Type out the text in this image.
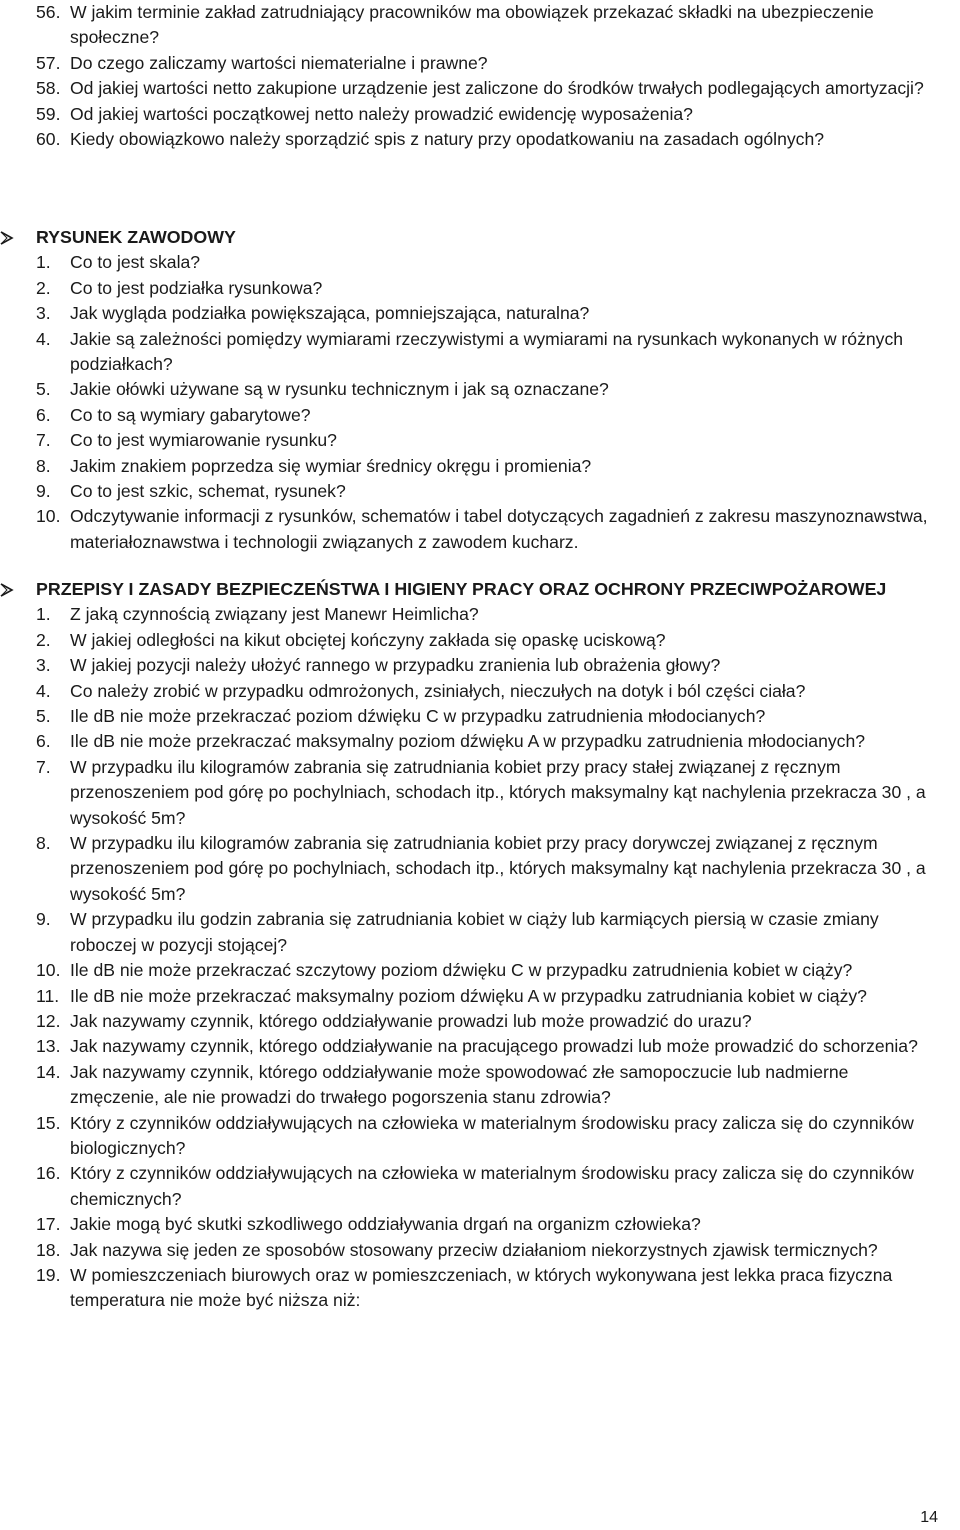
56. W jakim terminie zakład zatrudniający pracowników ma obowiązek przekazać składki na ubezpieczenie społeczne?
57. Do czego zaliczamy wartości niematerialne i prawne?
58. Od jakiej wartości netto zakupione urządzenie jest zaliczone do środków trwałych podlegających amortyzacji?
59. Od jakiej wartości początkowej netto należy prowadzić ewidencję wyposażenia?
60. Kiedy obowiązkowo należy sporządzić spis z natury przy opodatkowaniu na zasadach ogólnych?
RYSUNEK ZAWODOWY
1.	Co to jest skala?
2.	Co to jest podziałka rysunkowa?
3.	Jak wygląda podziałka powiększająca, pomniejszająca, naturalna?
4.	Jakie są zależności pomiędzy wymiarami rzeczywistymi a wymiarami na rysunkach wykonanych w różnych podziałkach?
5.	Jakie ołówki używane są w rysunku technicznym i jak są oznaczane?
6.	Co to są wymiary gabarytowe?
7.	Co to jest wymiarowanie rysunku?
8.	Jakim znakiem poprzedza się wymiar średnicy okręgu i promienia?
9.	Co to jest szkic, schemat, rysunek?
10. Odczytywanie informacji z rysunków, schematów i tabel dotyczących zagadnień z zakresu maszynoznawstwa, materiałoznawstwa i technologii związanych z zawodem kucharz.
PRZEPISY I ZASADY BEZPIECZEŃSTWA I HIGIENY PRACY ORAZ OCHRONY PRZECIWPOŻAROWEJ
1.	Z jaką czynnością związany jest Manewr Heimlicha?
2.	W jakiej odległości na kikut obciętej kończyny zakłada się opaskę uciskową?
3.	W jakiej pozycji należy ułożyć rannego w przypadku zranienia lub obrażenia głowy?
4.	Co należy zrobić w przypadku odmrożonych, zsiniałych, nieczułych na dotyk i ból części ciała?
5.	Ile dB nie może przekraczać poziom dźwięku C w przypadku zatrudnienia młodocianych?
6.	Ile dB nie może przekraczać maksymalny poziom dźwięku A w przypadku zatrudnienia młodocianych?
7.	W przypadku ilu kilogramów zabrania się zatrudniania kobiet przy pracy stałej związanej z ręcznym przenoszeniem pod górę po pochylniach, schodach itp., których maksymalny kąt nachylenia przekracza 30 , a wysokość 5m?
8.	W przypadku ilu kilogramów zabrania się zatrudniania kobiet przy pracy dorywczej związanej z ręcznym przenoszeniem pod górę po pochylniach, schodach itp., których maksymalny kąt nachylenia przekracza 30 , a wysokość 5m?
9.	W przypadku ilu godzin zabrania się zatrudniania kobiet w ciąży lub karmiących piersią w czasie zmiany roboczej w pozycji stojącej?
10. Ile dB nie może przekraczać szczytowy poziom dźwięku C w przypadku zatrudnienia kobiet w ciąży?
11. Ile dB nie może przekraczać maksymalny poziom dźwięku A w przypadku zatrudniania kobiet w ciąży?
12. Jak nazywamy czynnik, którego oddziaływanie prowadzi lub może prowadzić do urazu?
13. Jak nazywamy czynnik, którego oddziaływanie na pracującego prowadzi lub może prowadzić do schorzenia?
14. Jak nazywamy czynnik, którego oddziaływanie może spowodować złe samopoczucie lub nadmierne zmęczenie, ale nie prowadzi do trwałego pogorszenia stanu zdrowia?
15. Który z czynników oddziaływujących na człowieka w materialnym środowisku pracy zalicza się do czynników biologicznych?
16. Który z czynników oddziaływujących na człowieka w materialnym środowisku pracy zalicza się do czynników chemicznych?
17. Jakie mogą być skutki szkodliwego oddziaływania drgań na organizm człowieka?
18. Jak nazywa się jeden ze sposobów stosowany przeciw działaniom niekorzystnych zjawisk termicznych?
19. W pomieszczeniach biurowych oraz w pomieszczeniach, w których wykonywana jest lekka praca fizyczna temperatura nie może być niższa niż:
14
